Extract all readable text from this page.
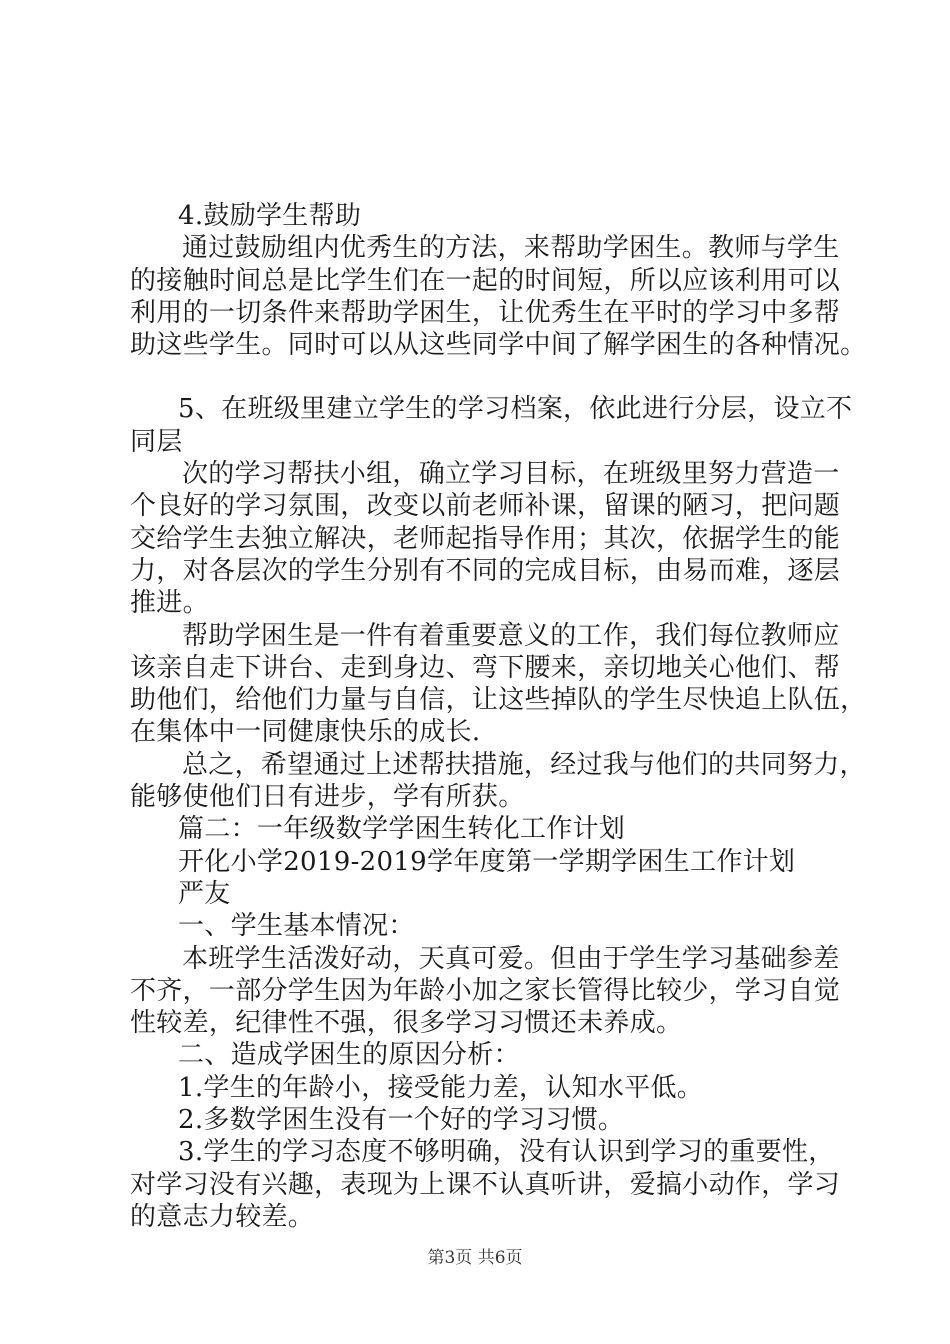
4.鼓励学生帮助
通过鼓励组内优秀生的方法，来帮助学困生。教师与学生
的接触时间总是比学生们在一起的时间短，所以应该利用可以
利用的一切条件来帮助学困生，让优秀生在平时的学习中多帮
助这些学生。同时可以从这些同学中间了解学困生的各种情况。
5、在班级里建立学生的学习档案，依此进行分层，设立不
同层
次的学习帮扶小组，确立学习目标，在班级里努力营造一
个良好的学习氛围，改变以前老师补课，留课的陋习，把问题
交给学生去独立解决，老师起指导作用；其次，依据学生的能
力，对各层次的学生分别有不同的完成目标，由易而难，逐层
推进。
帮助学困生是一件有着重要意义的工作，我们每位教师应
该亲自走下讲台、走到身边、弯下腰来，亲切地关心他们、帮
助他们，给他们力量与自信，让这些掉队的学生尽快追上队伍，
在集体中一同健康快乐的成长.
总之，希望通过上述帮扶措施，经过我与他们的共同努力，
能够使他们日有进步，学有所获。
篇二：一年级数学学困生转化工作计划
开化小学2019-2019学年度第一学期学困生工作计划
严友
一、学生基本情况：
本班学生活泼好动，天真可爱。但由于学生学习基础参差
不齐，一部分学生因为年龄小加之家长管得比较少，学习自觉
性较差，纪律性不强，很多学习习惯还未养成。
二、造成学困生的原因分析：
1.学生的年龄小，接受能力差，认知水平低。
2.多数学困生没有一个好的学习习惯。
3.学生的学习态度不够明确，没有认识到学习的重要性，
对学习没有兴趣，表现为上课不认真听讲，爱搞小动作，学习
的意志力较差。
第3页 共6页
